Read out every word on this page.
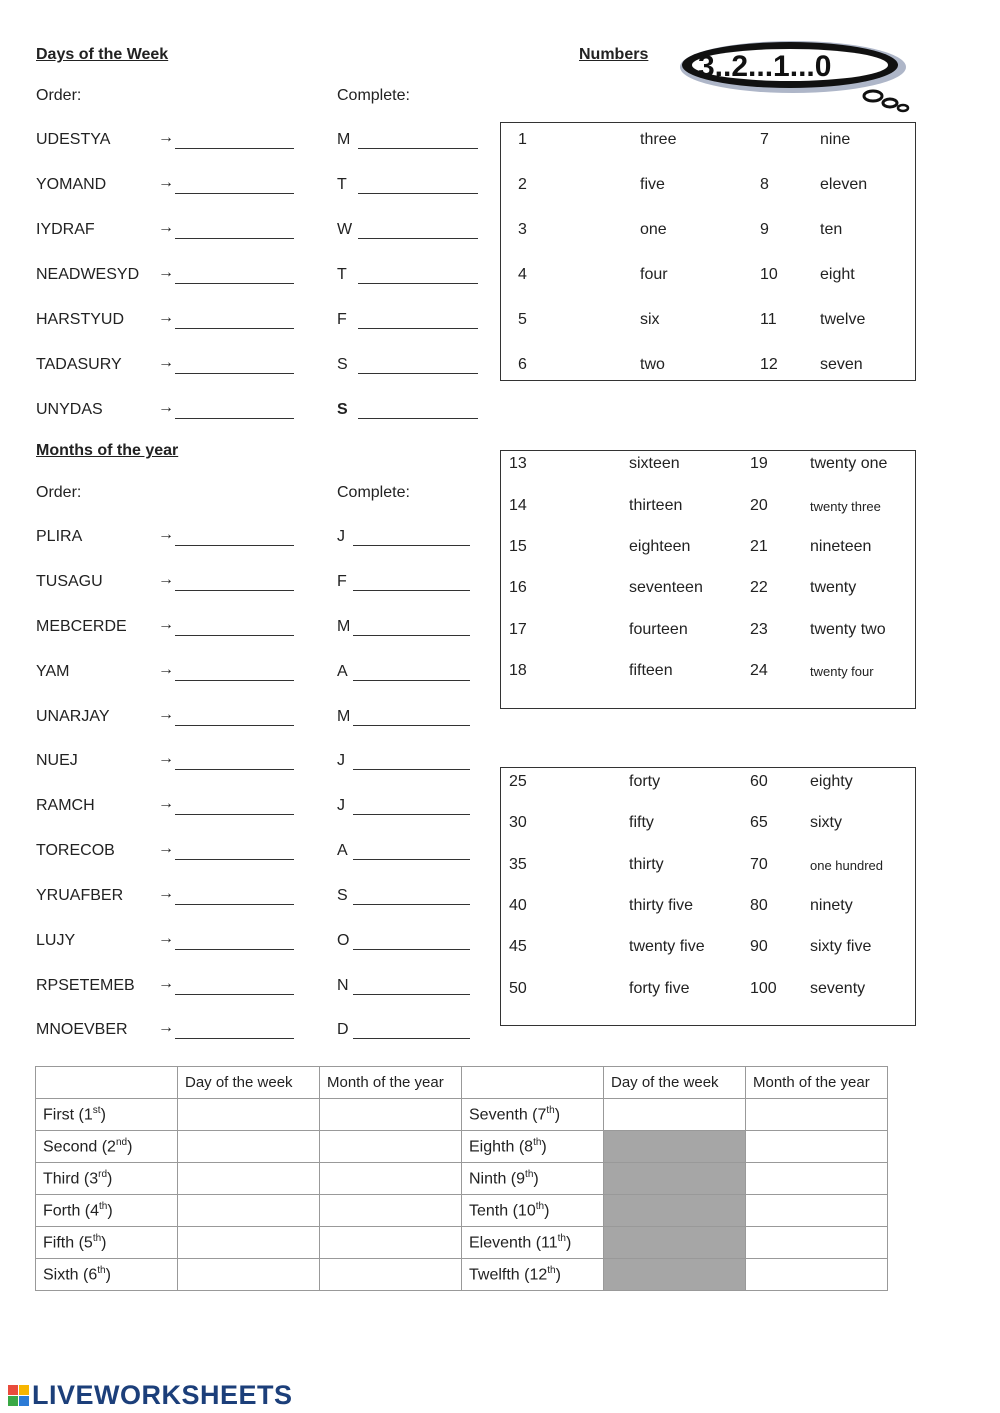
Days of the Week
Order:	Complete:
Numbers 3..2...1...0
UDESTYA	→	M
YOMAND	→	T
IYDRAF	→	W
NEADWESYD →	T
HARSTYUD →	F
TADASURY →	S
UNYDAS	→	S
Months of the year
Order:	Complete:
PLIRA	→	J
TUSAGU	→	F
MEBCERDE →	M
YAM	→	A
UNARJAY	→	M
NUEJ	→	J
RAMCH	→	J
TORECOB	→	A
YRUAFBER →	S
LUJY	→	O
RPSETEMEB →	N
MNOEVBER →	D
1	three	7	nine
2	five	8	eleven
3	one	9	ten
4	four	10	eight
5	six	11	twelve
6	two	12	seven
13	sixteen	19	twenty one
14	thirteen	20	twenty three
15	eighteen	21	nineteen
16	seventeen	22	twenty
17	fourteen	23	twenty two
18	fifteen	24	twenty four
25	forty	60	eighty
30	fifty	65	sixty
35	thirty	70	one hundred
40	thirty five	80	ninety
45	twenty five	90	sixty five
50	forty five	100 seventy
	Day of the week	Month of the year		Day of the week	Month of the year
First (1st)			Seventh (7th)		
Second (2nd)			Eighth (8th)		
Third (3rd)			Ninth (9th)		
Forth (4th)			Tenth (10th)		
Fifth (5th)			Eleventh (11th)		
Sixth (6th)			Twelfth (12th)		
LIVEWORKSHEETS
